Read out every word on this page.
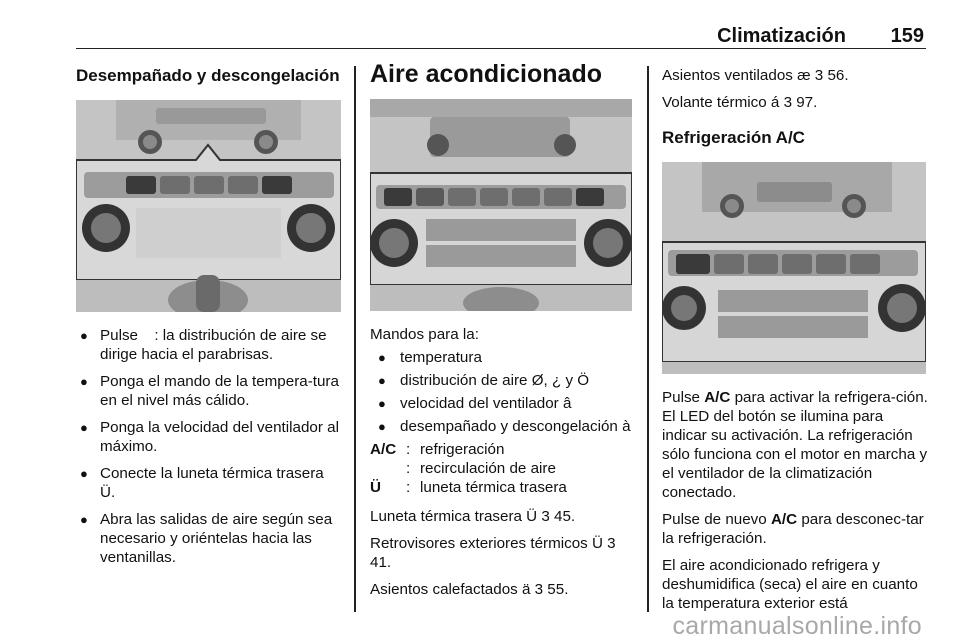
Climatización 159
Desempañado y descongelación
● Pulse : la distribución de aire se dirige hacia el parabrisas.
● Ponga el mando de la tempera-tura en el nivel más cálido.
● Ponga la velocidad del ventilador al máximo.
● Conecte la luneta térmica trasera Ü.
● Abra las salidas de aire según sea necesario y oriéntelas hacia las ventanillas.
Aire acondicionado

Mandos para la:

● temperatura
● distribución de aire Ø, ¿ y Ö
● velocidad del ventilador â
● desempañado y descongelación à
A/C	:	refrigeración
	:	recirculación de aire
Ü	:	luneta térmica trasera

Luneta térmica trasera Ü 3 45.

Retrovisores exteriores térmicos Ü 3 41.

Asientos calefactados ä 3 55.

Asientos ventilados æ 3 56.

Volante térmico á 3 97.

Refrigeración A/C

Pulse A/C para activar la refrigera-ción. El LED del botón se ilumina para indicar su activación. La refrigeración sólo funciona con el motor en marcha y el ventilador de la climatización conectado.

Pulse de nuevo A/C para desconec-tar la refrigeración.

El aire acondicionado refrigera y deshumidifica (seca) el aire en cuanto la temperatura exterior está

carmanualsonline.info
